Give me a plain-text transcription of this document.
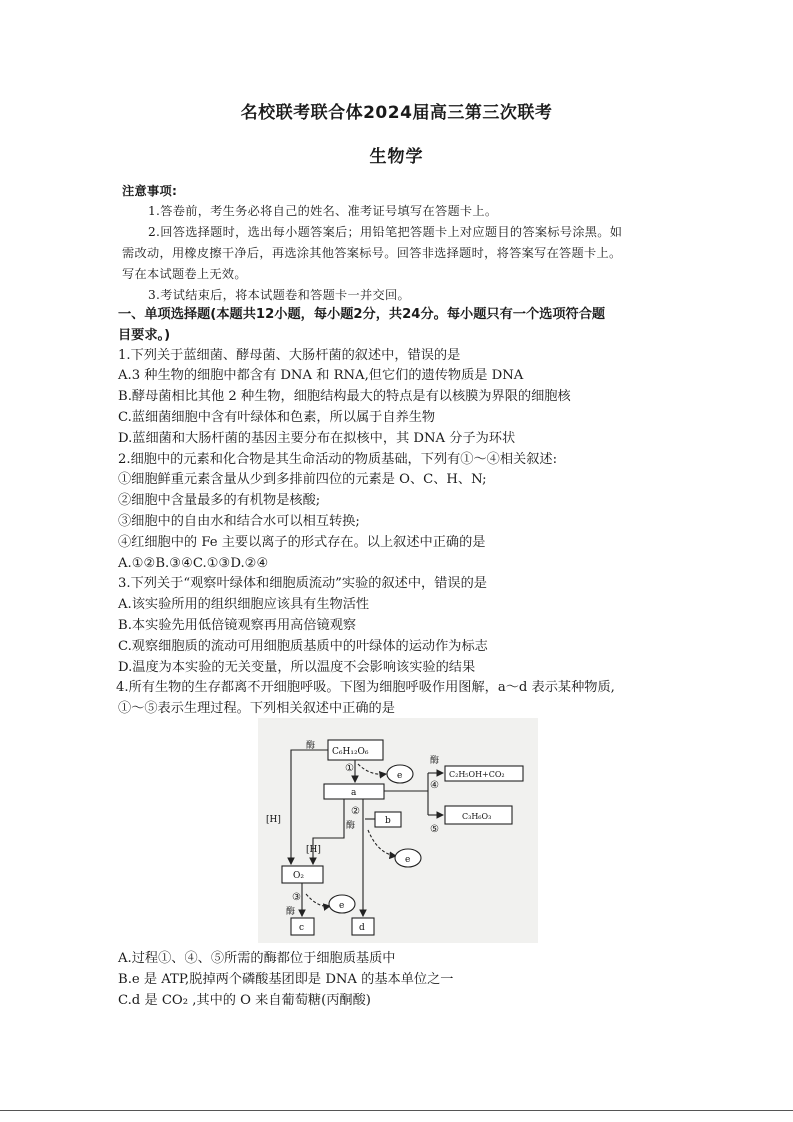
名校联考联合体2024届高三第三次联考
生物学
注意事项:
1.答卷前，考生务必将自己的姓名、准考证号填写在答题卡上。
2.回答选择题时，选出每小题答案后；用铅笔把答题卡上对应题目的答案标号涂黑。如
需改动，用橡皮擦干净后，再选涂其他答案标号。回答非选择题时，将答案写在答题卡上。
写在本试题卷上无效。
3.考试结束后，将本试题卷和答题卡一并交回。
一、单项选择题(本题共12小题，每小题2分，共24分。每小题只有一个选项符合题
目要求。)
1.下列关于蓝细菌、酵母菌、大肠杆菌的叙述中，错误的是
A.3 种生物的细胞中都含有 DNA 和 RNA,但它们的遗传物质是 DNA
B.酵母菌相比其他 2 种生物，细胞结构最大的特点是有以核膜为界限的细胞核
C.蓝细菌细胞中含有叶绿体和色素，所以属于自养生物
D.蓝细菌和大肠杆菌的基因主要分布在拟核中，其 DNA 分子为环状
2.细胞中的元素和化合物是其生命活动的物质基础，下列有①～④相关叙述:
①细胞鲜重元素含量从少到多排前四位的元素是 O、C、H、N;
②细胞中含量最多的有机物是核酸;
③细胞中的自由水和结合水可以相互转换;
④红细胞中的 Fe 主要以离子的形式存在。以上叙述中正确的是
A.①②B.③④C.①③D.②④
3.下列关于“观察叶绿体和细胞质流动”实验的叙述中，错误的是
A.该实验所用的组织细胞应该具有生物活性
B.本实验先用低倍镜观察再用高倍镜观察
C.观察细胞质的流动可用细胞质基质中的叶绿体的运动作为标志
D.温度为本实验的无关变量，所以温度不会影响该实验的结果
4.所有生物的生存都离不开细胞呼吸。下图为细胞呼吸作用图解，a～d 表示某种物质,
①～⑤表示生理过程。下列相关叙述中正确的是
C₆H₁₂O₆
a
b
C₂H₅OH+CO₂
C₃H₆O₃
O₂
c	d
e
e
e
酶
酶
酶
酶
[H]
[H]
①
②
③
④
⑤
A.过程①、④、⑤所需的酶都位于细胞质基质中
B.e 是 ATP,脱掉两个磷酸基团即是 DNA 的基本单位之一
C.d 是 CO₂ ,其中的 O 来自葡萄糖(丙酮酸)
